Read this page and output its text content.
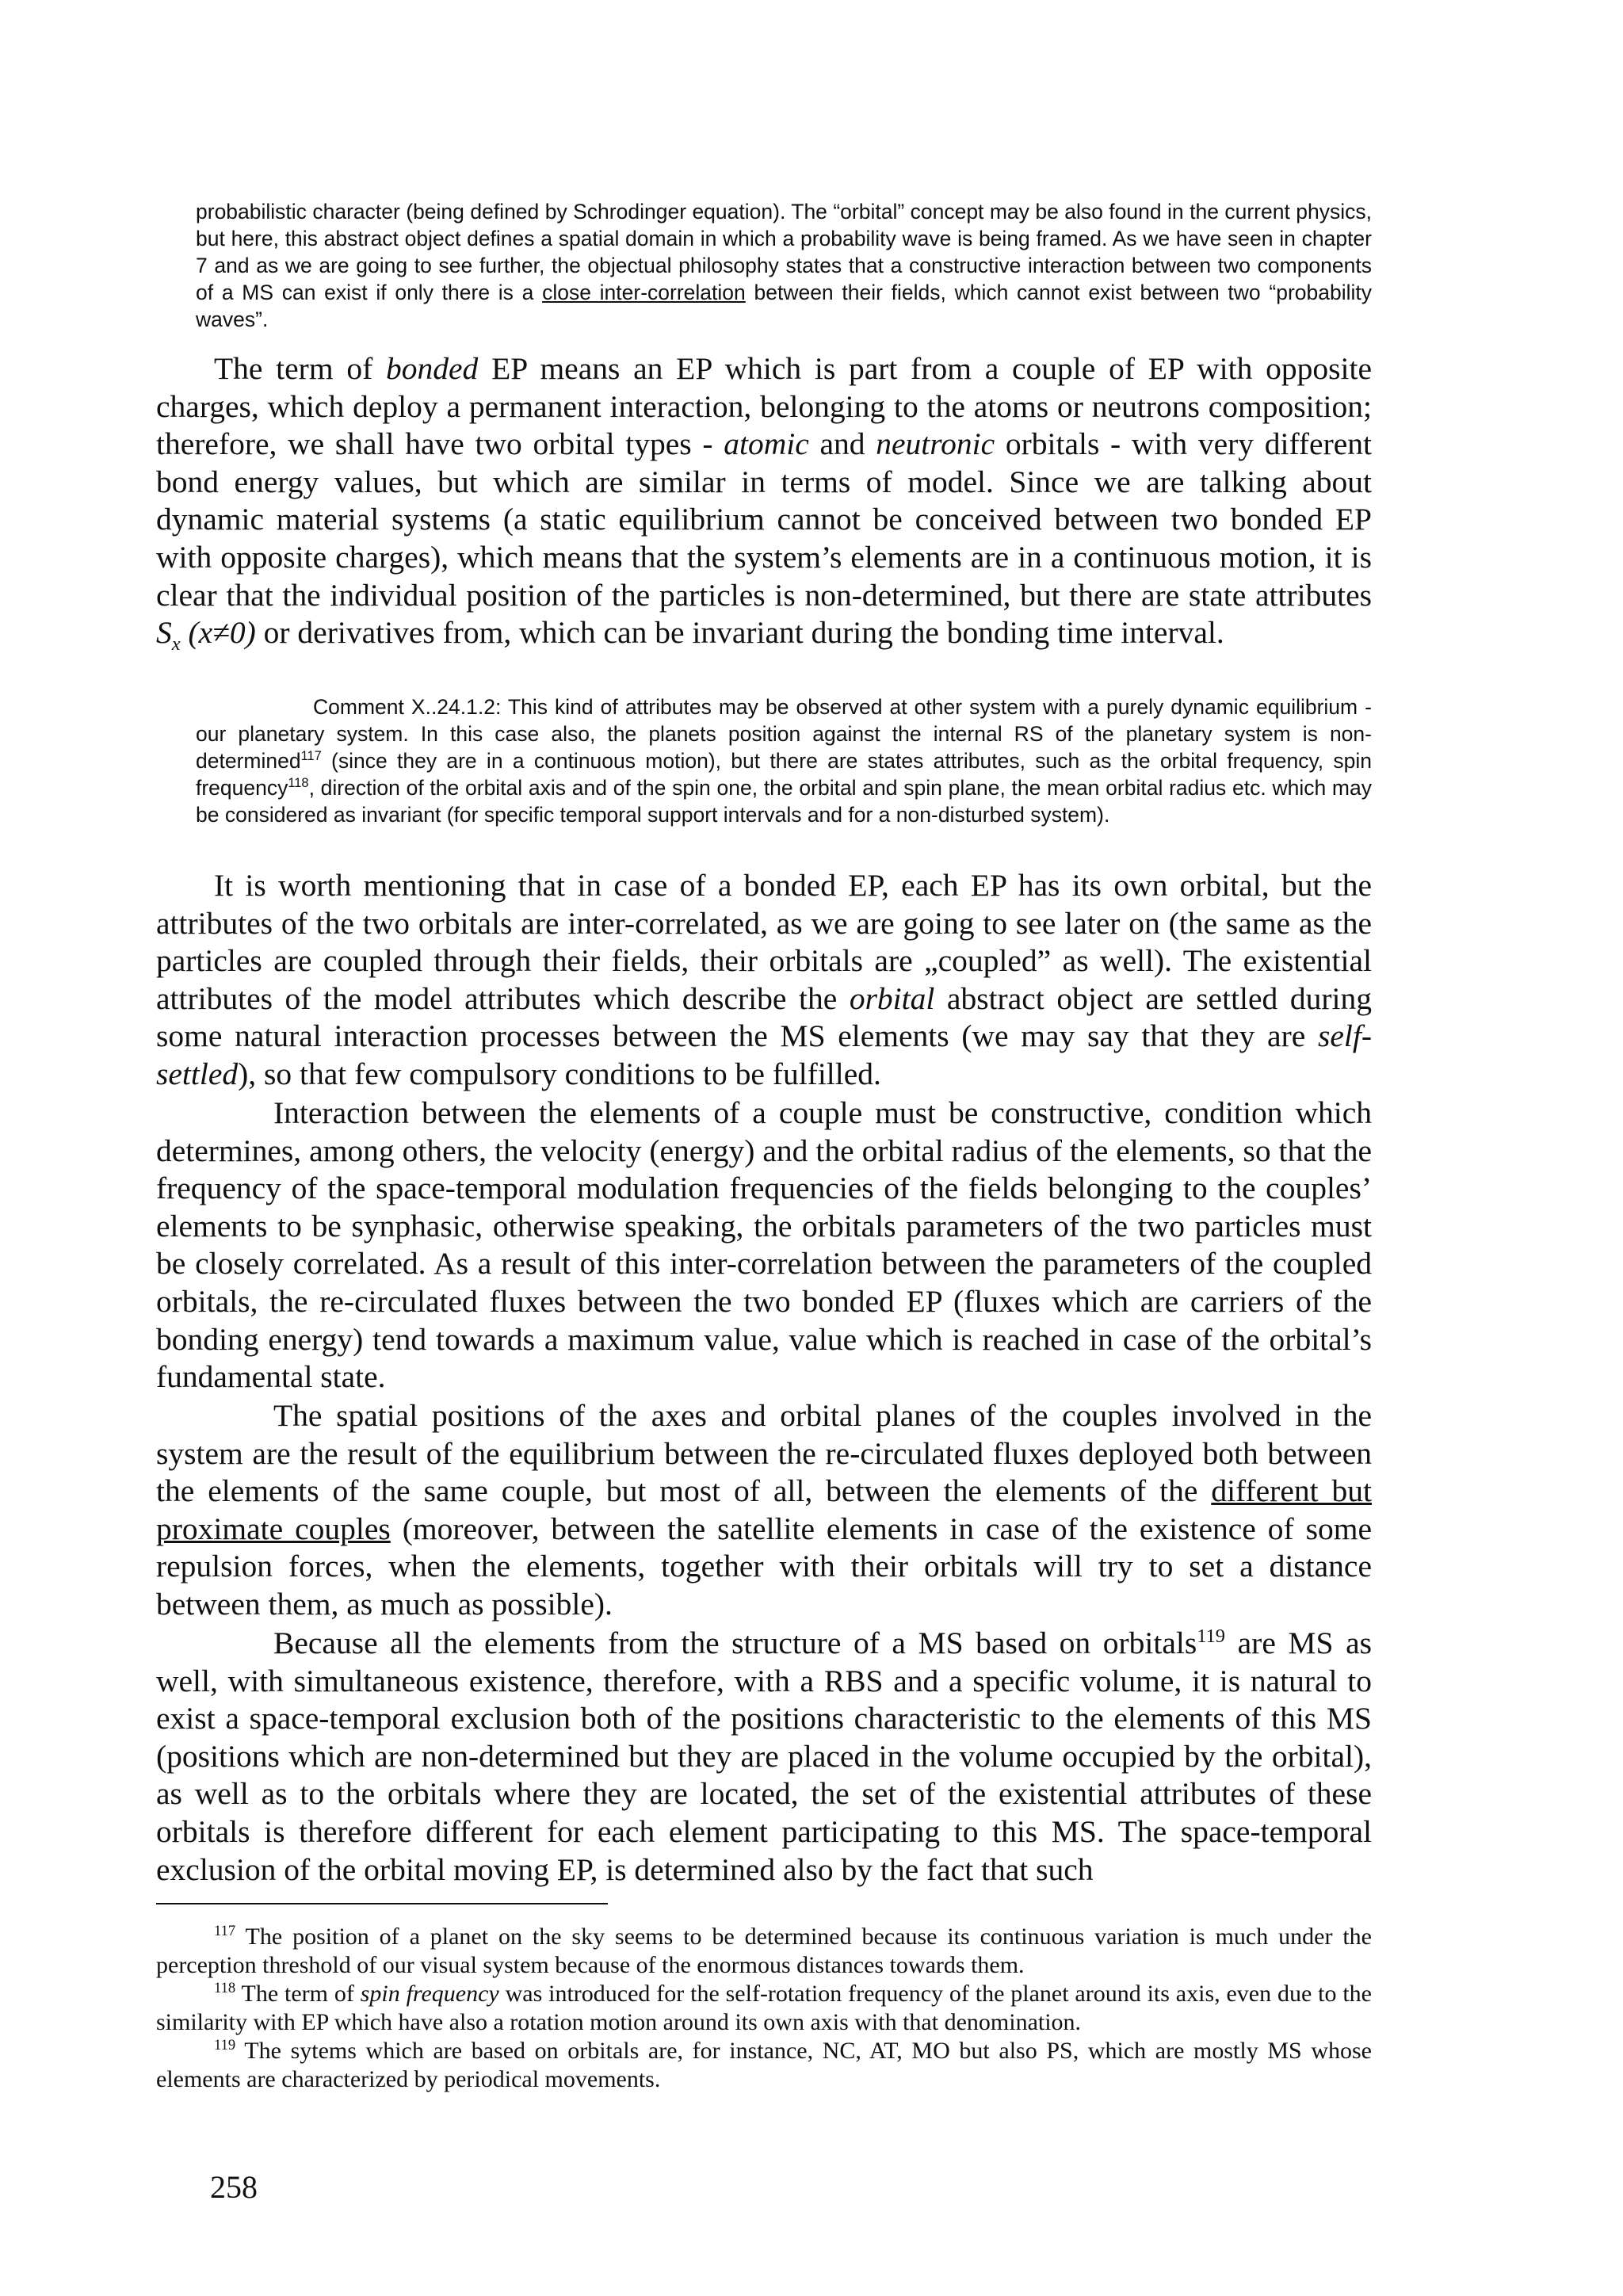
probabilistic character (being defined by Schrodinger equation). The “orbital” concept may be also found in the current physics, but here, this abstract object defines a spatial domain in which a probability wave is being framed. As we have seen in chapter 7 and as we are going to see further, the objectual philosophy states that a constructive interaction between two components of a MS can exist if only there is a close inter-correlation between their fields, which cannot exist between two “probability waves”.
The term of bonded EP means an EP which is part from a couple of EP with opposite charges, which deploy a permanent interaction, belonging to the atoms or neutrons composition; therefore, we shall have two orbital types - atomic and neutronic orbitals - with very different bond energy values, but which are similar in terms of model. Since we are talking about dynamic material systems (a static equilibrium cannot be conceived between two bonded EP with opposite charges), which means that the system’s elements are in a continuous motion, it is clear that the individual position of the particles is non-determined, but there are state attributes $S_x$ (x≠0) or derivatives from, which can be invariant during the bonding time interval.
Comment X..24.1.2: This kind of attributes may be observed at other system with a purely dynamic equilibrium - our planetary system. In this case also, the planets position against the internal RS of the planetary system is non-determined$^{117}$ (since they are in a continuous motion), but there are states attributes, such as the orbital frequency, spin frequency$^{118}$, direction of the orbital axis and of the spin one, the orbital and spin plane, the mean orbital radius etc. which may be considered as invariant (for specific temporal support intervals and for a non-disturbed system).
It is worth mentioning that in case of a bonded EP, each EP has its own orbital, but the attributes of the two orbitals are inter-correlated, as we are going to see later on (the same as the particles are coupled through their fields, their orbitals are „coupled” as well). The existential attributes of the model attributes which describe the orbital abstract object are settled during some natural interaction processes between the MS elements (we may say that they are self-settled), so that few compulsory conditions to be fulfilled.
Interaction between the elements of a couple must be constructive, condition which determines, among others, the velocity (energy) and the orbital radius of the elements, so that the frequency of the space-temporal modulation frequencies of the fields belonging to the couples’ elements to be synphasic, otherwise speaking, the orbitals parameters of the two particles must be closely correlated. As a result of this inter-correlation between the parameters of the coupled orbitals, the re-circulated fluxes between the two bonded EP (fluxes which are carriers of the bonding energy) tend towards a maximum value, value which is reached in case of the orbital’s fundamental state.
The spatial positions of the axes and orbital planes of the couples involved in the system are the result of the equilibrium between the re-circulated fluxes deployed both between the elements of the same couple, but most of all, between the elements of the different but proximate couples (moreover, between the satellite elements in case of the existence of some repulsion forces, when the elements, together with their orbitals will try to set a distance between them, as much as possible).
Because all the elements from the structure of a MS based on orbitals$^{119}$ are MS as well, with simultaneous existence, therefore, with a RBS and a specific volume, it is natural to exist a space-temporal exclusion both of the positions characteristic to the elements of this MS (positions which are non-determined but they are placed in the volume occupied by the orbital), as well as to the orbitals where they are located, the set of the existential attributes of these orbitals is therefore different for each element participating to this MS. The space-temporal exclusion of the orbital moving EP, is determined also by the fact that such
$^{117}$ The position of a planet on the sky seems to be determined because its continuous variation is much under the perception threshold of our visual system because of the enormous distances towards them.
$^{118}$ The term of spin frequency was introduced for the self-rotation frequency of the planet around its axis, even due to the similarity with EP which have also a rotation motion around its own axis with that denomination.
$^{119}$ The sytems which are based on orbitals are, for instance, NC, AT, MO but also PS, which are mostly MS whose elements are characterized by periodical movements.
258
